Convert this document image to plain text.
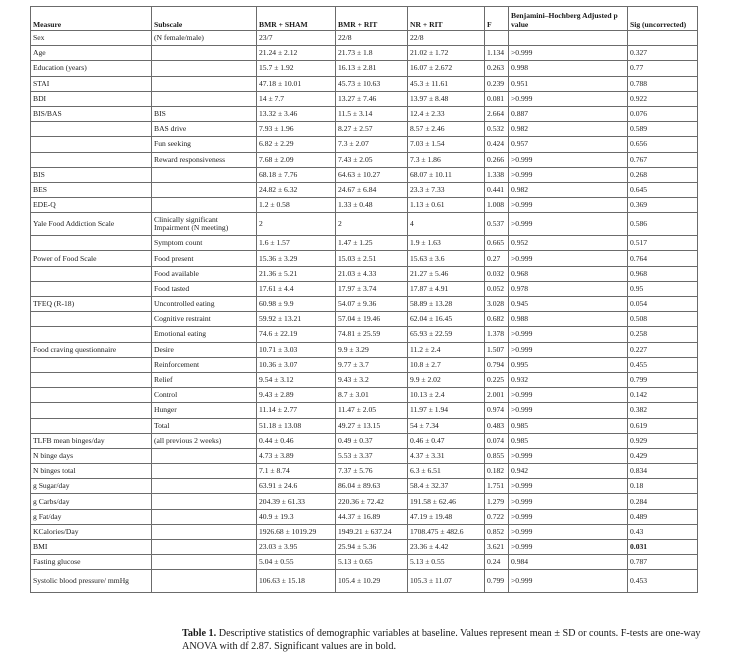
Measure	Subscale	BMR + SHAM	BMR + RIT	NR + RIT	F	Benjamini–Hochberg Adjusted p value	Sig (uncorrected)
Sex	(N female/male)	23/7	22/8	22/8			
Age		21.24 ± 2.12	21.73 ± 1.8	21.02 ± 1.72	1.134	>0.999	0.327
Education (years)		15.7 ± 1.92	16.13 ± 2.81	16.07 ± 2.672	0.263	0.998	0.77
STAI		47.18 ± 10.01	45.73 ± 10.63	45.3 ± 11.61	0.239	0.951	0.788
BDI		14 ± 7.7	13.27 ± 7.46	13.97 ± 8.48	0.081	>0.999	0.922
BIS/BAS	BIS	13.32 ± 3.46	11.5 ± 3.14	12.4 ± 2.33	2.664	0.887	0.076
	BAS drive	7.93 ± 1.96	8.27 ± 2.57	8.57 ± 2.46	0.532	0.982	0.589
	Fun seeking	6.82 ± 2.29	7.3 ± 2.07	7.03 ± 1.54	0.424	0.957	0.656
	Reward responsiveness	7.68 ± 2.09	7.43 ± 2.05	7.3 ± 1.86	0.266	>0.999	0.767
BIS		68.18 ± 7.76	64.63 ± 10.27	68.07 ± 10.11	1.338	>0.999	0.268
BES		24.82 ± 6.32	24.67 ± 6.84	23.3 ± 7.33	0.441	0.982	0.645
EDE-Q		1.2 ± 0.58	1.33 ± 0.48	1.13 ± 0.61	1.008	>0.999	0.369
Yale Food Addiction Scale	Clinically significant Impairment (N meeting)	2	2	4	0.537	>0.999	0.586
	Symptom count	1.6 ± 1.57	1.47 ± 1.25	1.9 ± 1.63	0.665	0.952	0.517
Power of Food Scale	Food present	15.36 ± 3.29	15.03 ± 2.51	15.63 ± 3.6	0.27	>0.999	0.764
	Food available	21.36 ± 5.21	21.03 ± 4.33	21.27 ± 5.46	0.032	0.968	0.968
	Food tasted	17.61 ± 4.4	17.97 ± 3.74	17.87 ± 4.91	0.052	0.978	0.95
TFEQ (R-18)	Uncontrolled eating	60.98 ± 9.9	54.07 ± 9.36	58.89 ± 13.28	3.028	0.945	0.054
	Cognitive restraint	59.92 ± 13.21	57.04 ± 19.46	62.04 ± 16.45	0.682	0.988	0.508
	Emotional eating	74.6 ± 22.19	74.81 ± 25.59	65.93 ± 22.59	1.378	>0.999	0.258
Food craving questionnaire	Desire	10.71 ± 3.03	9.9 ± 3.29	11.2 ± 2.4	1.507	>0.999	0.227
	Reinforcement	10.36 ± 3.07	9.77 ± 3.7	10.8 ± 2.7	0.794	0.995	0.455
	Relief	9.54 ± 3.12	9.43 ± 3.2	9.9 ± 2.02	0.225	0.932	0.799
	Control	9.43 ± 2.89	8.7 ± 3.01	10.13 ± 2.4	2.001	>0.999	0.142
	Hunger	11.14 ± 2.77	11.47 ± 2.05	11.97 ± 1.94	0.974	>0.999	0.382
	Total	51.18 ± 13.08	49.27 ± 13.15	54 ± 7.34	0.483	0.985	0.619
TLFB mean binges/day	(all previous 2 weeks)	0.44 ± 0.46	0.49 ± 0.37	0.46 ± 0.47	0.074	0.985	0.929
N binge days		4.73 ± 3.89	5.53 ± 3.37	4.37 ± 3.31	0.855	>0.999	0.429
N binges total		7.1 ± 8.74	7.37 ± 5.76	6.3 ± 6.51	0.182	0.942	0.834
g Sugar/day		63.91 ± 24.6	86.04 ± 89.63	58.4 ± 32.37	1.751	>0.999	0.18
g Carbs/day		204.39 ± 61.33	220.36 ± 72.42	191.58 ± 62.46	1.279	>0.999	0.284
g Fat/day		40.9 ± 19.3	44.37 ± 16.89	47.19 ± 19.48	0.722	>0.999	0.489
KCalories/Day		1926.68 ± 1019.29	1949.21 ± 637.24	1708.475 ± 482.6	0.852	>0.999	0.43
BMI		23.03 ± 3.95	25.94 ± 5.36	23.36 ± 4.42	3.621	>0.999	0.031
Fasting glucose		5.04 ± 0.55	5.13 ± 0.65	5.13 ± 0.55	0.24	0.984	0.787
Systolic blood pressure/ mmHg		106.63 ± 15.18	105.4 ± 10.29	105.3 ± 11.07	0.799	>0.999	0.453
Table 1. Descriptive statistics of demographic variables at baseline. Values represent mean ± SD or counts. F-tests are one-way ANOVA with df 2.87. Significant values are in bold.
